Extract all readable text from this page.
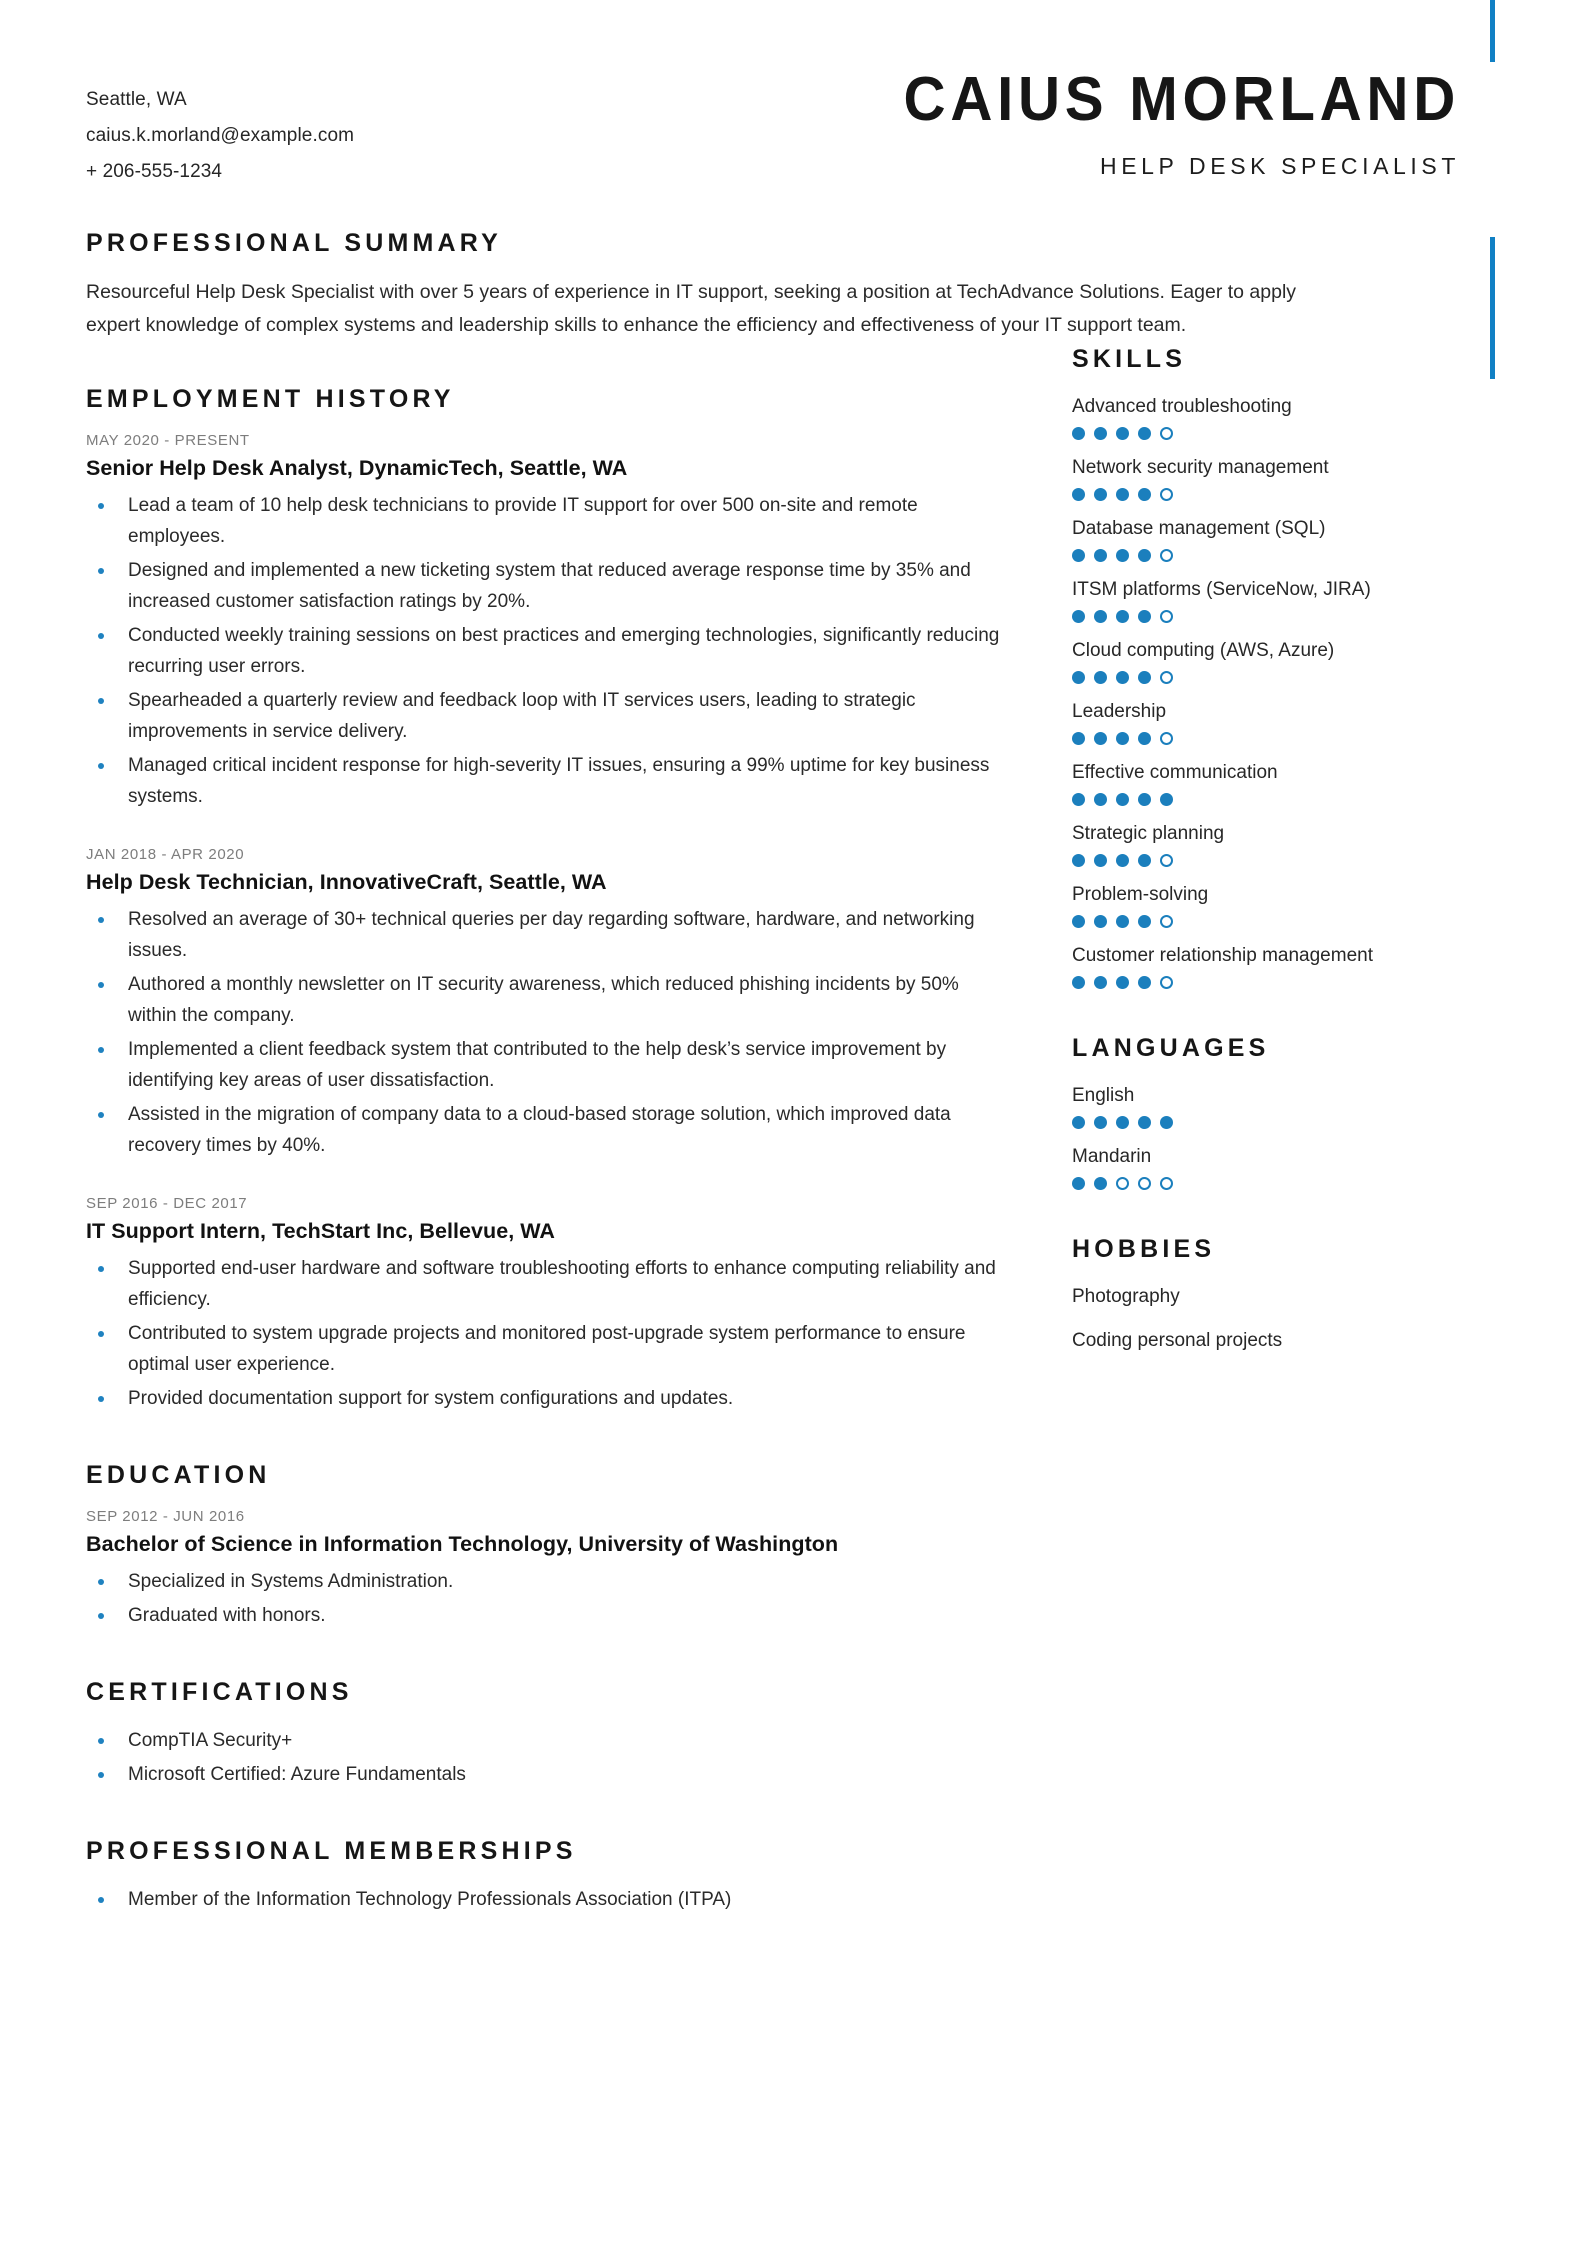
Seattle, WA
caius.k.morland@example.com
+ 206-555-1234
CAIUS MORLAND
HELP DESK SPECIALIST
PROFESSIONAL SUMMARY
Resourceful Help Desk Specialist with over 5 years of experience in IT support, seeking a position at TechAdvance Solutions. Eager to apply expert knowledge of complex systems and leadership skills to enhance the efficiency and effectiveness of your IT support team.
EMPLOYMENT HISTORY
MAY 2020 - PRESENT
Senior Help Desk Analyst, DynamicTech, Seattle, WA
Lead a team of 10 help desk technicians to provide IT support for over 500 on-site and remote employees.
Designed and implemented a new ticketing system that reduced average response time by 35% and increased customer satisfaction ratings by 20%.
Conducted weekly training sessions on best practices and emerging technologies, significantly reducing recurring user errors.
Spearheaded a quarterly review and feedback loop with IT services users, leading to strategic improvements in service delivery.
Managed critical incident response for high-severity IT issues, ensuring a 99% uptime for key business systems.
JAN 2018 - APR 2020
Help Desk Technician, InnovativeCraft, Seattle, WA
Resolved an average of 30+ technical queries per day regarding software, hardware, and networking issues.
Authored a monthly newsletter on IT security awareness, which reduced phishing incidents by 50% within the company.
Implemented a client feedback system that contributed to the help desk’s service improvement by identifying key areas of user dissatisfaction.
Assisted in the migration of company data to a cloud-based storage solution, which improved data recovery times by 40%.
SEP 2016 - DEC 2017
IT Support Intern, TechStart Inc, Bellevue, WA
Supported end-user hardware and software troubleshooting efforts to enhance computing reliability and efficiency.
Contributed to system upgrade projects and monitored post-upgrade system performance to ensure optimal user experience.
Provided documentation support for system configurations and updates.
EDUCATION
SEP 2012 - JUN 2016
Bachelor of Science in Information Technology, University of Washington
Specialized in Systems Administration.
Graduated with honors.
CERTIFICATIONS
CompTIA Security+
Microsoft Certified: Azure Fundamentals
PROFESSIONAL MEMBERSHIPS
Member of the Information Technology Professionals Association (ITPA)
SKILLS
Advanced troubleshooting
Network security management
Database management (SQL)
ITSM platforms (ServiceNow, JIRA)
Cloud computing (AWS, Azure)
Leadership
Effective communication
Strategic planning
Problem-solving
Customer relationship management
LANGUAGES
English
Mandarin
HOBBIES
Photography
Coding personal projects
